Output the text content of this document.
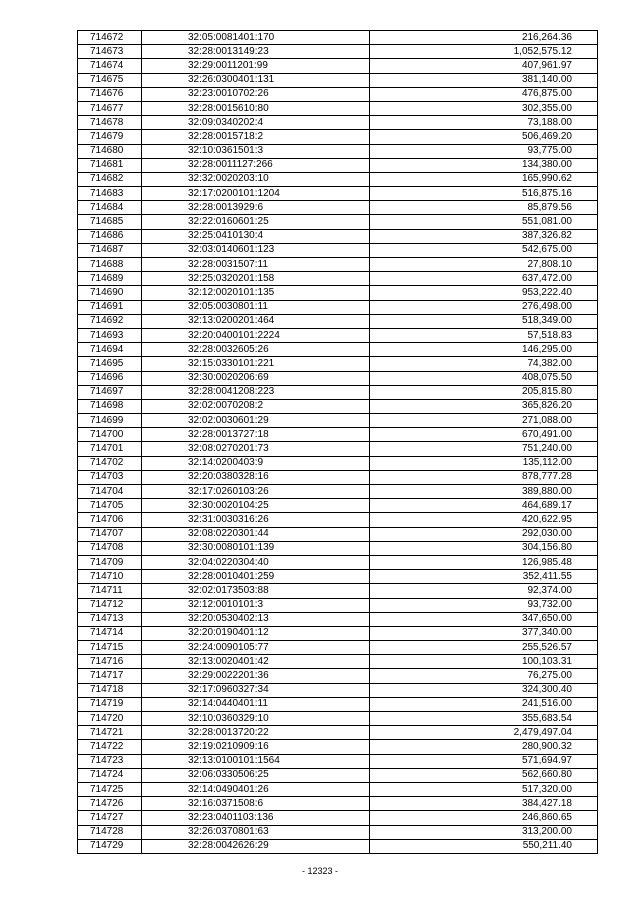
714672	32:05:0081401:170	216,264.36
714673	32:28:0013149:23	1,052,575.12
714674	32:29:0011201:99	407,961.97
714675	32:26:0300401:131	381,140.00
714676	32:23:0010702:26	476,875.00
714677	32:28:0015610:80	302,355.00
714678	32:09:0340202:4	73,188.00
714679	32:28:0015718:2	506,469.20
714680	32:10:0361501:3	93,775.00
714681	32:28:0011127:266	134,380.00
714682	32:32:0020203:10	165,990.62
714683	32:17:0200101:1204	516,875.16
714684	32:28:0013929:6	85,879.56
714685	32:22:0160601:25	551,081.00
714686	32:25:0410130:4	387,326.82
714687	32:03:0140601:123	542,675.00
714688	32:28:0031507:11	27,808.10
714689	32:25:0320201:158	637,472.00
714690	32:12:0020101:135	953,222.40
714691	32:05:0030801:11	276,498.00
714692	32:13:0200201:464	518,349.00
714693	32:20:0400101:2224	57,518.83
714694	32:28:0032605:26	146,295.00
714695	32:15:0330101:221	74,382.00
714696	32:30:0020206:69	408,075.50
714697	32:28:0041208:223	205,815.80
714698	32:02:0070208:2	365,826.20
714699	32:02:0030601:29	271,088.00
714700	32:28:0013727:18	670,491.00
714701	32:08:0270201:73	751,240.00
714702	32:14:0200403:9	135,112.00
714703	32:20:0380328:16	878,777.28
714704	32:17:0260103:26	389,880.00
714705	32:30:0020104:25	464,689.17
714706	32:31:0030316:26	420,622.95
714707	32:08:0220301:44	292,030.00
714708	32:30:0080101:139	304,156.80
714709	32:04:0220304:40	126,985.48
714710	32:28:0010401:259	352,411.55
714711	32:02:0173503:88	92,374.00
714712	32:12:0010101:3	93,732.00
714713	32:20:0530402:13	347,650.00
714714	32:20:0190401:12	377,340.00
714715	32:24:0090105:77	255,526.57
714716	32:13:0020401:42	100,103.31
714717	32:29:0022201:36	76,275.00
714718	32:17:0960327:34	324,300.40
714719	32:14:0440401:11	241,516.00
714720	32:10:0360329:10	355,683.54
714721	32:28:0013720:22	2,479,497.04
714722	32:19:0210909:16	280,900.32
714723	32:13:0100101:1564	571,694.97
714724	32:06:0330506:25	562,660.80
714725	32:14:0490401:26	517,320.00
714726	32:16:0371508:6	384,427.18
714727	32:23:0401103:136	246,860.65
714728	32:26:0370801:63	313,200.00
714729	32:28:0042626:29	550,211.40
- 12323 -
